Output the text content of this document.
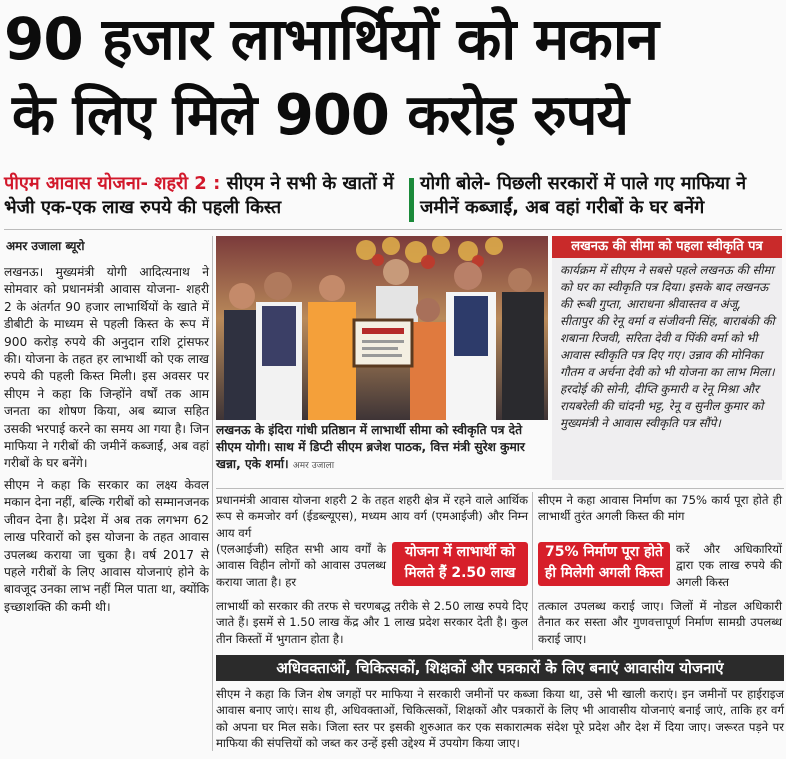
90 हजार लाभार्थियों को मकान
के लिए मिले 900 करोड़ रुपये
पीएम आवास योजना- शहरी 2 : सीएम ने सभी के खातों में भेजी एक-एक लाख रुपये की पहली किस्त
योगी बोले- पिछली सरकारों में पाले गए माफिया ने जमीनें कब्जाईं, अब वहां गरीबों के घर बनेंगे
अमर उजाला ब्यूरो

लखनऊ। मुख्यमंत्री योगी आदित्यनाथ ने सोमवार को प्रधानमंत्री आवास योजना- शहरी 2 के अंतर्गत 90 हजार लाभार्थियों के खाते में डीबीटी के माध्यम से पहली किस्त के रूप में 900 करोड़ रुपये की अनुदान राशि ट्रांसफर की। योजना के तहत हर लाभार्थी को एक लाख रुपये की पहली किस्त मिली। इस अवसर पर सीएम ने कहा कि जिन्होंने वर्षों तक आम जनता का शोषण किया, अब ब्याज सहित उसकी भरपाई करने का समय आ गया है। जिन माफिया ने गरीबों की जमीनें कब्जाईं, अब वहां गरीबों के घर बनेंगे।

सीएम ने कहा कि सरकार का लक्ष्य केवल मकान देना नहीं, बल्कि गरीबों को सम्मानजनक जीवन देना है। प्रदेश में अब तक लगभग 62 लाख परिवारों को इस योजना के तहत आवास उपलब्ध कराया जा चुका है। वर्ष 2017 से पहले गरीबों के लिए आवास योजनाएं होने के बावजूद उनका लाभ नहीं मिल पाता था, क्योंकि इच्छाशक्ति की कमी थी।

लखनऊ के इंदिरा गांधी प्रतिष्ठान में लाभार्थी सीमा को स्वीकृति पत्र देते सीएम योगी। साथ में डिप्टी सीएम ब्रजेश पाठक, वित्त मंत्री सुरेश कुमार खन्ना, एके शर्मा। अमर उजाला
लखनऊ की सीमा को पहला स्वीकृति पत्र
कार्यक्रम में सीएम ने सबसे पहले लखनऊ की सीमा को घर का स्वीकृति पत्र दिया। इसके बाद लखनऊ की रूबी गुप्ता, आराधना श्रीवास्तव व अंजू, सीतापुर की रेनू वर्मा व संजीवनी सिंह, बाराबंकी की शबाना रिजवी, सरिता देवी व पिंकी वर्मा को भी आवास स्वीकृति पत्र दिए गए। उन्नाव की मोनिका गौतम व अर्चना देवी को भी योजना का लाभ मिला। हरदोई की सोनी, दीप्ति कुमारी व रेनू मिश्रा और रायबरेली की चांदनी भट्ट, रेनू व सुनील कुमार को मुख्यमंत्री ने आवास स्वीकृति पत्र सौंपे।
प्रधानमंत्री आवास योजना शहरी 2 के तहत शहरी क्षेत्र में रहने वाले आर्थिक रूप से कमजोर वर्ग (ईडब्ल्यूएस), मध्यम आय वर्ग (एमआईजी) और निम्न आय वर्ग
(एलआईजी) सहित सभी आय वर्गों के आवास विहीन लोगों को आवास उपलब्ध कराया जाता है। हर
योजना में लाभार्थी को मिलते हैं 2.50 लाख
लाभार्थी को सरकार की तरफ से चरणबद्ध तरीके से 2.50 लाख रुपये दिए जाते हैं। इसमें से 1.50 लाख केंद्र और 1 लाख प्रदेश सरकार देती है। कुल तीन किस्तों में भुगतान होता है।
सीएम ने कहा आवास निर्माण का 75% कार्य पूरा होते ही लाभार्थी तुरंत अगली किस्त की मांग
75% निर्माण पूरा होते ही मिलेगी अगली किस्त
करें और अधिकारियों द्वारा एक लाख रुपये की अगली किस्त
तत्काल उपलब्ध कराई जाए। जिलों में नोडल अधिकारी तैनात कर सस्ता और गुणवत्तापूर्ण निर्माण सामग्री उपलब्ध कराई जाए।
अधिवक्ताओं, चिकित्सकों, शिक्षकों और पत्रकारों के लिए बनाएं आवासीय योजनाएं
सीएम ने कहा कि जिन शेष जगहों पर माफिया ने सरकारी जमीनों पर कब्जा किया था, उसे भी खाली कराएं। इन जमीनों पर हाईराइज आवास बनाए जाएं। साथ ही, अधिवक्ताओं, चिकित्सकों, शिक्षकों और पत्रकारों के लिए भी आवासीय योजनाएं बनाई जाएं, ताकि हर वर्ग को अपना घर मिल सके। जिला स्तर पर इसकी शुरुआत कर एक सकारात्मक संदेश पूरे प्रदेश और देश में दिया जाए। जरूरत पड़ने पर माफिया की संपत्तियों को जब्त कर उन्हें इसी उद्देश्य में उपयोग किया जाए।
